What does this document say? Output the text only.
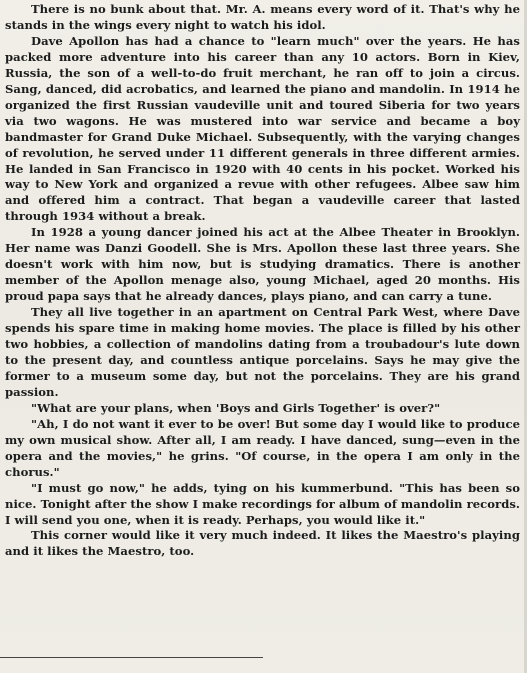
There is no bunk about that. Mr. A. means every word of it. That's why he stands in the wings every night to watch his idol.

Dave Apollon has had a chance to "learn much" over the years. He has packed more adventure into his career than any 10 actors. Born in Kiev, Russia, the son of a well-to-do fruit merchant, he ran off to join a circus. Sang, danced, did acrobatics, and learned the piano and mandolin. In 1914 he organized the first Russian vaudeville unit and toured Siberia for two years via two wagons. He was mustered into war service and became a boy bandmaster for Grand Duke Michael. Subsequently, with the varying changes of revolution, he served under 11 different generals in three different armies. He landed in San Francisco in 1920 with 40 cents in his pocket. Worked his way to New York and organized a revue with other refugees. Albee saw him and offered him a contract. That began a vaudeville career that lasted through 1934 without a break.

In 1928 a young dancer joined his act at the Albee Theater in Brooklyn. Her name was Danzi Goodell. She is Mrs. Apollon these last three years. She doesn't work with him now, but is studying dramatics. There is another member of the Apollon menage also, young Michael, aged 20 months. His proud papa says that he already dances, plays piano, and can carry a tune.

They all live together in an apartment on Central Park West, where Dave spends his spare time in making home movies. The place is filled by his other two hobbies, a collection of mandolins dating from a troubadour's lute down to the present day, and countless antique porcelains. Says he may give the former to a museum some day, but not the porcelains. They are his grand passion.

"What are your plans, when 'Boys and Girls Together' is over?"

"Ah, I do not want it ever to be over! But some day I would like to produce my own musical show. After all, I am ready. I have danced, sung—even in the opera and the movies," he grins. "Of course, in the opera I am only in the chorus."

"I must go now," he adds, tying on his kummerbund. "This has been so nice. Tonight after the show I make recordings for album of mandolin records. I will send you one, when it is ready. Perhaps, you would like it."

This corner would like it very much indeed. It likes the Maestro's playing and it likes the Maestro, too.
